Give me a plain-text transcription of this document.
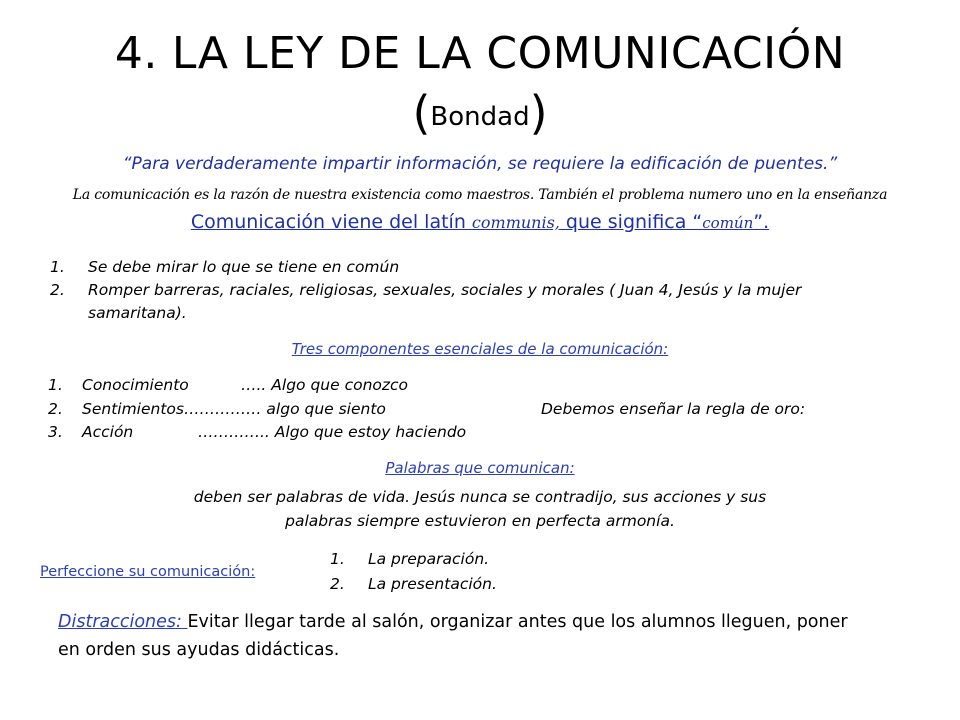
4. LA LEY DE LA COMUNICACIÓN
(Bondad)
“Para verdaderamente impartir información, se requiere la edificación de puentes.”
La comunicación es la razón de nuestra existencia como maestros. También el problema numero uno en la enseñanza
Comunicación viene del latín communis, que significa “común”.
1.	Se debe mirar lo que se tiene en común
2.	Romper barreras, raciales, religiosas, sexuales, sociales y morales ( Juan 4, Jesús y la mujer samaritana).
Tres componentes esenciales de la comunicación:
1. Conocimiento	….. Algo que conozco
2. Sentimientos…………… algo que siento
3. Acción	………….. Algo que estoy haciendo
Debemos enseñar la regla de oro:
Palabras que comunican:
deben ser palabras de vida. Jesús nunca se contradijo, sus acciones y sus
palabras siempre estuvieron en perfecta armonía.
Perfeccione su comunicación:
1. La preparación.
2. La presentación.
Distracciones: Evitar llegar tarde al salón, organizar antes que los alumnos lleguen, poner en orden sus ayudas didácticas.
